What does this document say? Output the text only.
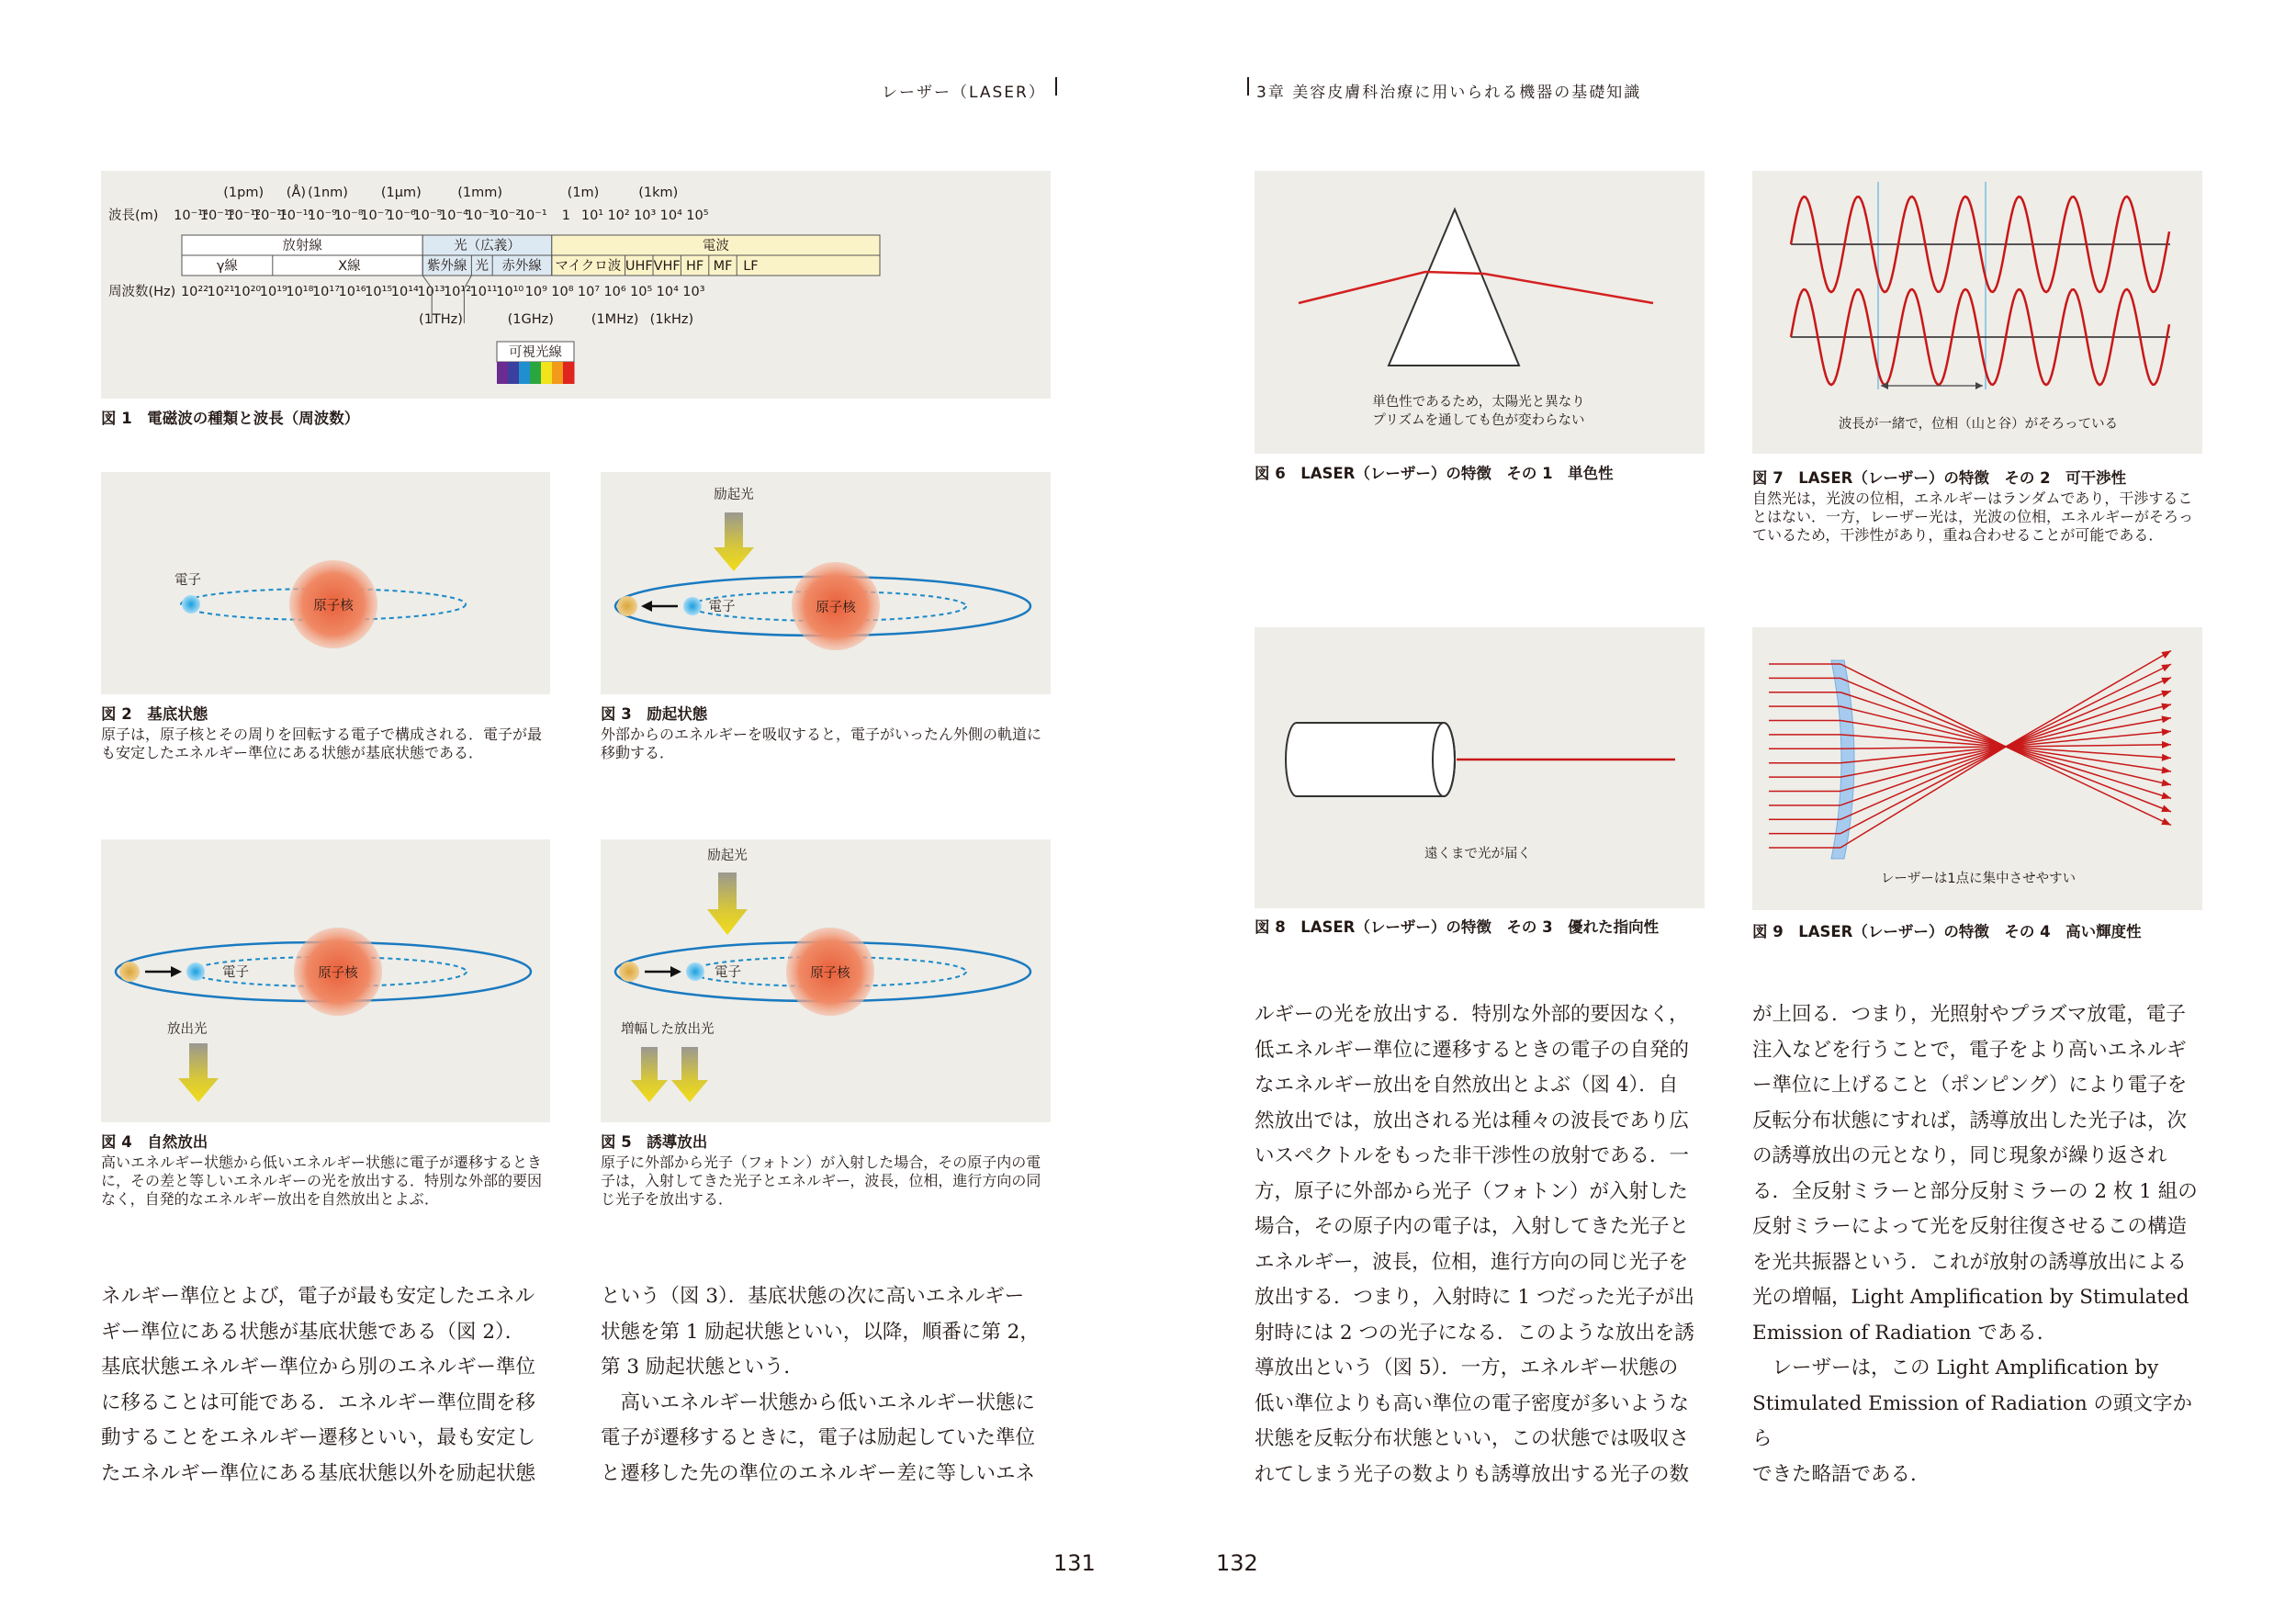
レーザー（LASER）	3章 美容皮膚科治療に用いられる機器の基礎知識
(1pm) (Å) (1nm) (1μm)	(1mm)	(1m)	(1km)
波長(m) 10⁻¹⁴
10⁻¹³
10⁻¹²
10⁻¹¹
10⁻¹⁰
10⁻⁹
10⁻⁸
10⁻⁷
10⁻⁶
10⁻⁵
10⁻⁴
10⁻³
10⁻²
10⁻¹ 1 10¹ 10² 10³ 10⁴ 10⁵
放射線	光（広義）	電波
γ線	X線	紫外線 光 赤外線 マイクロ波 UHF VHF HF MF LF
周波数(Hz) 10²²
10²¹
10²⁰
10¹⁹
10¹⁸
10¹⁷
10¹⁶
10¹⁵
10¹⁴
10¹³
10¹²
10¹¹
10¹⁰ 10⁹ 10⁸ 10⁷ 10⁶ 10⁵ 10⁴ 10³
(1THz)	(1GHz)	(1MHz) (1kHz)
可視光線
図 1　電磁波の種類と波長（周波数）
原子核
電子
図 2　基底状態
原子は，原子核とその周りを回転する電子で構成される．電子が最も安定したエネルギー準位にある状態が基底状態である．
励起光
原子核
電子
図 3　励起状態
外部からのエネルギーを吸収すると，電子がいったん外側の軌道に移動する．
原子核
電子
放出光
図 4　自然放出
高いエネルギー状態から低いエネルギー状態に電子が遷移するときに，その差と等しいエネルギーの光を放出する．特別な外部的要因なく，自発的なエネルギー放出を自然放出とよぶ．
励起光
原子核
電子
増幅した放出光
図 5　誘導放出
原子に外部から光子（フォトン）が入射した場合，その原子内の電子は，入射してきた光子とエネルギー，波長，位相，進行方向の同じ光子を放出する．
単色性であるため，太陽光と異なり
プリズムを通しても色が変わらない
図 6　LASER（レーザー）の特徴　その 1　単色性
波長が一緒で，位相（山と谷）がそろっている
図 7　LASER（レーザー）の特徴　その 2　可干渉性
自然光は，光波の位相，エネルギーはランダムであり，干渉することはない．一方，レーザー光は，光波の位相，エネルギーがそろっているため，干渉性があり，重ね合わせることが可能である．
遠くまで光が届く
図 8　LASER（レーザー）の特徴　その 3　優れた指向性
レーザーは1点に集中させやすい
図 9　LASER（レーザー）の特徴　その 4　高い輝度性
ネルギー準位とよび，電子が最も安定したエネル
ギー準位にある状態が基底状態である（図 2）．
基底状態エネルギー準位から別のエネルギー準位
に移ることは可能である．エネルギー準位間を移
動することをエネルギー遷移といい，最も安定し
たエネルギー準位にある基底状態以外を励起状態
という（図 3）．基底状態の次に高いエネルギー
状態を第 1 励起状態といい，以降，順番に第 2，
第 3 励起状態という．
　高いエネルギー状態から低いエネルギー状態に
電子が遷移するときに，電子は励起していた準位
と遷移した先の準位のエネルギー差に等しいエネ
ルギーの光を放出する．特別な外部的要因なく，
低エネルギー準位に遷移するときの電子の自発的
なエネルギー放出を自然放出とよぶ（図 4）．自
然放出では，放出される光は種々の波長であり広
いスペクトルをもった非干渉性の放射である．一
方，原子に外部から光子（フォトン）が入射した
場合，その原子内の電子は，入射してきた光子と
エネルギー，波長，位相，進行方向の同じ光子を
放出する．つまり，入射時に 1 つだった光子が出
射時には 2 つの光子になる．このような放出を誘
導放出という（図 5）．一方，エネルギー状態の
低い準位よりも高い準位の電子密度が多いような
状態を反転分布状態といい，この状態では吸収さ
れてしまう光子の数よりも誘導放出する光子の数
が上回る．つまり，光照射やプラズマ放電，電子
注入などを行うことで，電子をより高いエネルギ
ー準位に上げること（ポンピング）により電子を
反転分布状態にすれば，誘導放出した光子は，次
の誘導放出の元となり，同じ現象が繰り返され
る．全反射ミラーと部分反射ミラーの 2 枚 1 組の
反射ミラーによって光を反射往復させるこの構造
を光共振器という．これが放射の誘導放出による
光の増幅，Light Amplification by Stimulated
Emission of Radiation である．
　レーザーは，この Light Amplification by
Stimulated Emission of Radiation の頭文字から
できた略語である．
131	132
